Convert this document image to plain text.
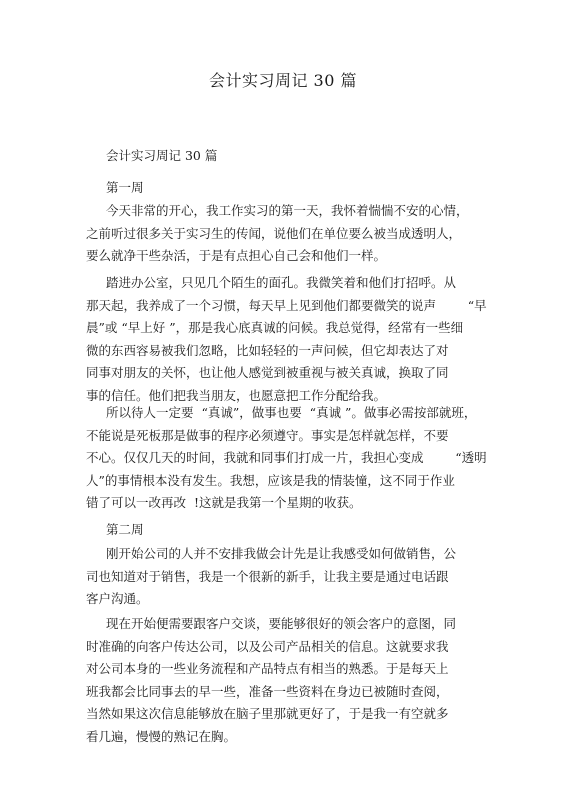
会计实习周记 30 篇
会计实习周记 30 篇
第一周
今天非常的开心，我工作实习的第一天，我怀着惴惴不安的心情，
之前听过很多关于实习生的传闻，说他们在单位要么被当成透明人，
要么就净干些杂活，于是有点担心自己会和他们一样。
踏进办公室，只见几个陌生的面孔。我微笑着和他们打招呼。从
那天起，我养成了一个习惯，每天早上见到他们都要微笑的说声        “早
晨”或 “早上好 ”，那是我心底真诚的问候。我总觉得，经常有一些细
微的东西容易被我们忽略，比如轻轻的一声问候，但它却表达了对
同事对朋友的关怀，也让他人感觉到被重视与被关真诚，换取了同
事的信任。他们把我当朋友，也愿意把工作分配给我。
所以待人一定要  “真诚”，做事也要  “真诚 ”。做事必需按部就班，
不能说是死板那是做事的程序必须遵守。事实是怎样就怎样，不要
不心。仅仅几天的时间，我就和同事们打成一片，我担心变成        “透明
人”的事情根本没有发生。我想，应该是我的情装憧，这不同于作业
错了可以一改再改  !这就是我第一个星期的收获。
第二周
刚开始公司的人并不安排我做会计先是让我感受如何做销售，公
司也知道对于销售，我是一个很新的新手，让我主要是通过电话跟
客户沟通。
现在开始便需要跟客户交谈，要能够很好的领会客户的意图，同
时准确的向客户传达公司，以及公司产品相关的信息。这就要求我
对公司本身的一些业务流程和产品特点有相当的熟悉。于是每天上
班我都会比同事去的早一些，准备一些资料在身边已被随时查阅，
当然如果这次信息能够放在脑子里那就更好了，于是我一有空就多
看几遍，慢慢的熟记在胸。
